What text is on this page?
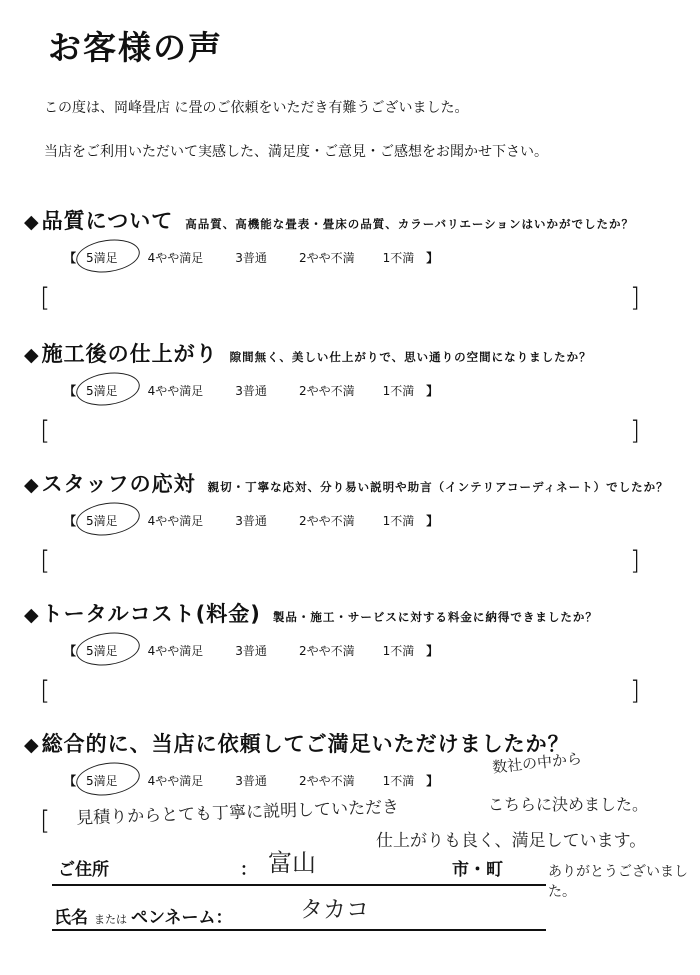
お客様の声
この度は、岡峰畳店 に畳のご依頼をいただき有難うございました。
当店をご利用いただいて実感した、満足度・ご意見・ご感想をお聞かせ下さい。
◆品質について 高品質、高機能な畳表・畳床の品質、カラーバリエーションはいかがでしたか？
【 5満足	4やや満足	3普通	2やや不満 1不満 】
[	]
◆施工後の仕上がり 隙間無く、美しい仕上がりで、思い通りの空間になりましたか？
【 5満足	4やや満足	3普通	2やや不満 1不満 】
[	]
◆スタッフの応対 親切・丁寧な応対、分り易い説明や助言（インテリアコーディネート）でしたか？
【 5満足	4やや満足	3普通	2やや不満 1不満 】
[	]
◆トータルコスト(料金) 製品・施工・サービスに対する料金に納得できましたか？
【 5満足	4やや満足	3普通	2やや不満 1不満 】
[	]
◆総合的に、当店に依頼してご満足いただけましたか？
【 5満足	4やや満足	3普通	2やや不満 1不満 】
数社の中から
見積りからとても丁寧に説明していただき	こちらに決めました。
仕上がりも良く、満足しています。
ありがとうございました。
[
ご住所	： 富山	市・町
氏名 または ペンネーム：	タカコ
